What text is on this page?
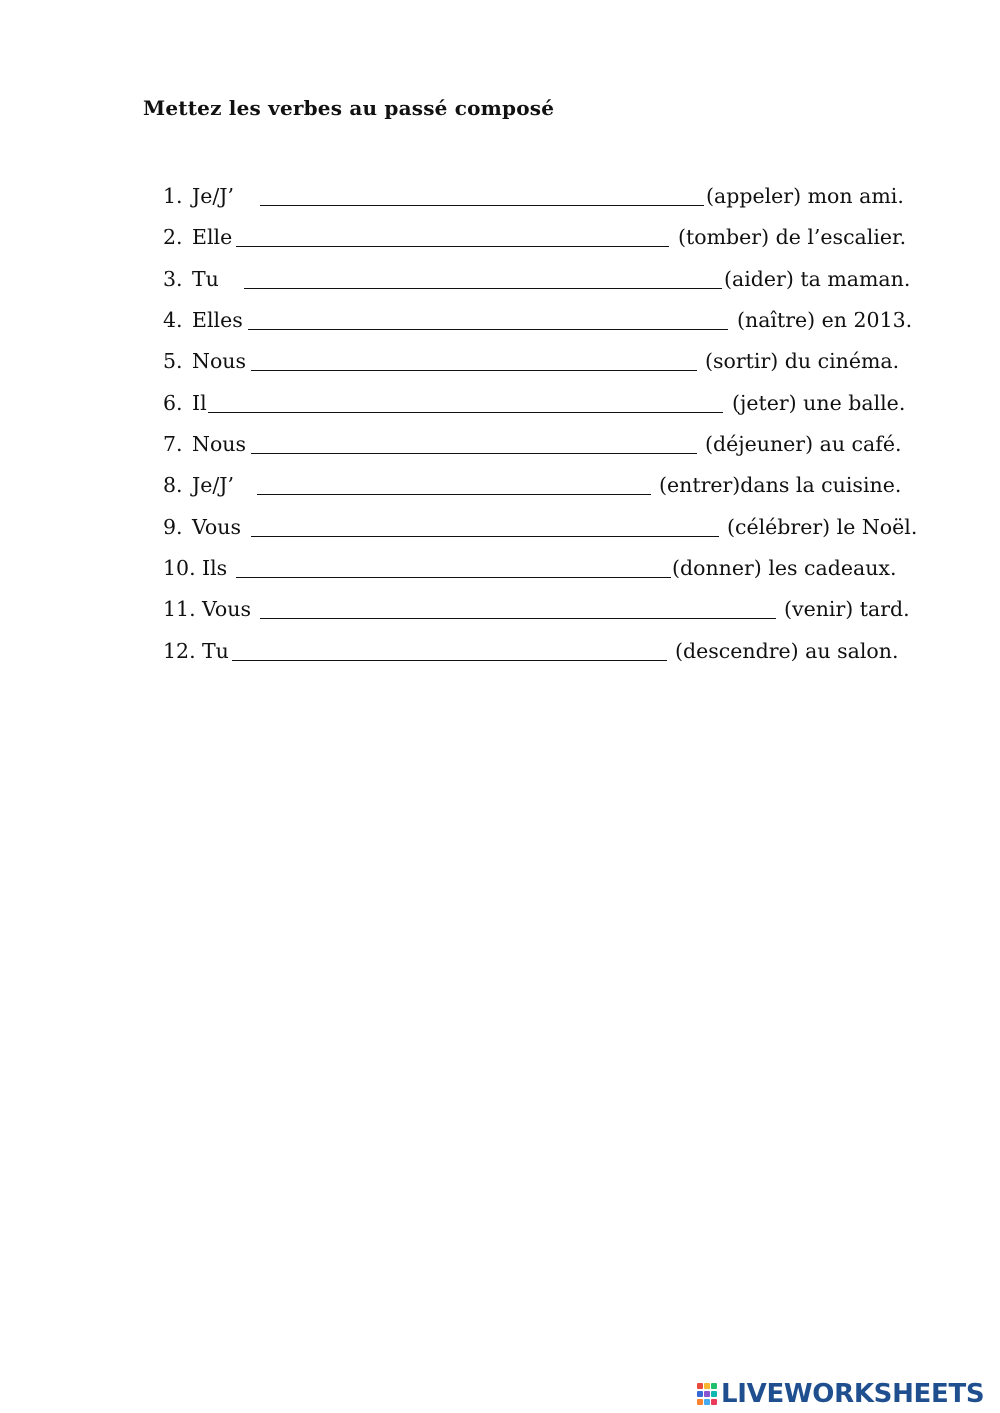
Mettez les verbes au passé composé
1. Je/J’	(appeler) mon ami.
2. Elle	(tomber) de l’escalier.
3. Tu	(aider) ta maman.
4. Elles	(naître) en 2013.
5. Nous	(sortir) du cinéma.
6. Il	(jeter) une balle.
7. Nous	(déjeuner) au café.
8. Je/J’	(entrer)dans la cuisine.
9. Vous	(célébrer) le Noël.
10. Ils	(donner) les cadeaux.
11. Vous	(venir) tard.
12. Tu	(descendre) au salon.
LIVEWORKSHEETS
